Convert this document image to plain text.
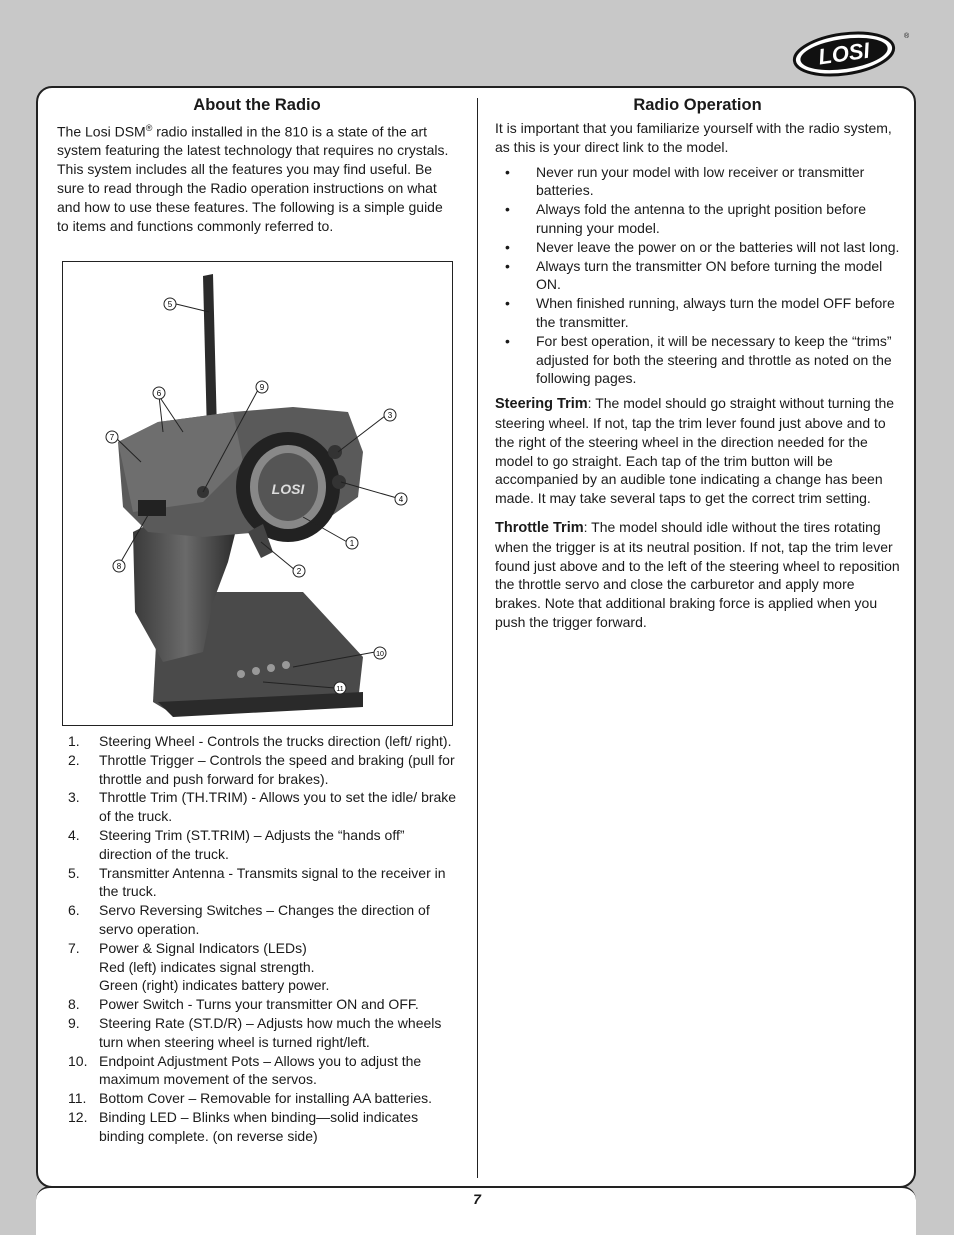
LOSI
®
About the Radio

The Losi DSM® radio installed in the 810 is a state of the art system featuring the latest technology that requires no crystals. This system includes all the features you may find useful. Be sure to read through the Radio operation instructions on what and how to use these features. The following is a simple guide to items and functions commonly referred to.

LOSI
5
6
9
3
7
4
1
8
2
10
11
1. Steering Wheel - Controls the trucks direction (left/ right).
2. Throttle Trigger – Controls the speed and braking (pull for throttle and push forward for brakes).
3. Throttle Trim (TH.TRIM) - Allows you to set the idle/ brake of the truck.
4. Steering Trim (ST.TRIM) – Adjusts the “hands off” direction of the truck.
5. Transmitter Antenna - Transmits signal to the receiver in the truck.
6. Servo Reversing Switches – Changes the direction of servo operation.
7. Power & Signal Indicators (LEDs)
Red (left) indicates signal strength.
Green (right) indicates battery power.
8. Power Switch - Turns your transmitter ON and OFF.
9. Steering Rate (ST.D/R) – Adjusts how much the wheels turn when steering wheel is turned right/left.
10. Endpoint Adjustment Pots – Allows you to adjust the maximum movement of the servos.
11. Bottom Cover – Removable for installing AA batteries.
12. Binding LED – Blinks when binding—solid indicates binding complete. (on reverse side)
Radio Operation

It is important that you familiarize yourself with the radio system, as this is your direct link to the model.

• Never run your model with low receiver or transmitter batteries.
• Always fold the antenna to the upright position before running your model.
• Never leave the power on or the batteries will not last long.
• Always turn the transmitter ON before turning the model ON.
• When finished running, always turn the model OFF before the transmitter.
• For best operation, it will be necessary to keep the “trims” adjusted for both the steering and throttle as noted on the following pages.

Steering Trim: The model should go straight without turning the steering wheel. If not, tap the trim lever found just above and to the right of the steering wheel in the direction needed for the model to go straight. Each tap of the trim button will be accompanied by an audible tone indicating a change has been made. It may take several taps to get the correct trim setting.

Throttle Trim: The model should idle without the tires rotating when the trigger is at its neutral position. If not, tap the trim lever found just above and to the left of the steering wheel to reposition the throttle servo and close the carburetor and apply more brakes. Note that additional braking force is applied when you push the trigger forward.

7
